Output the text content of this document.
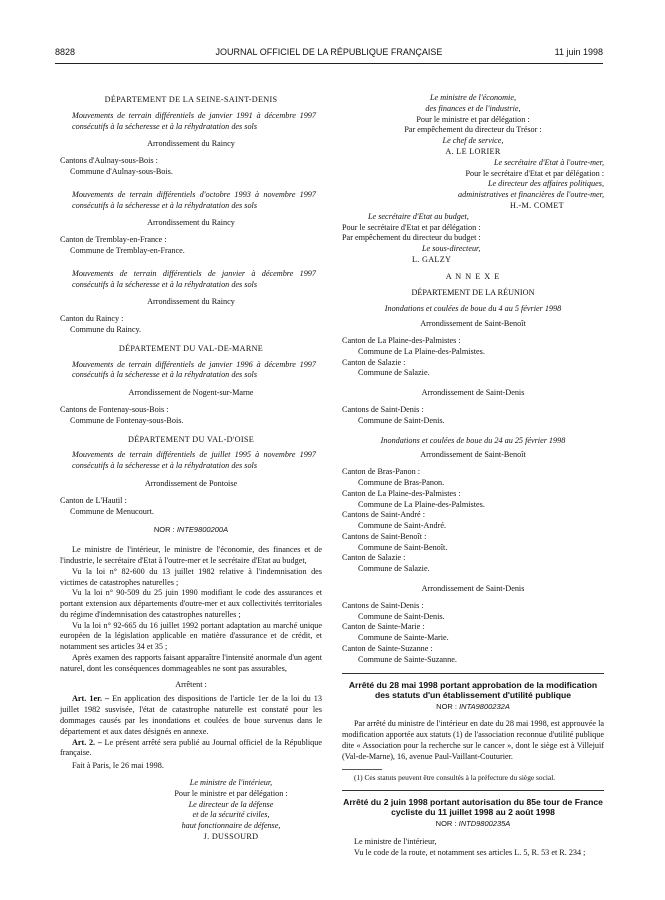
8828	JOURNAL OFFICIEL DE LA RÉPUBLIQUE FRANÇAISE	11 juin 1998
DÉPARTEMENT DE LA SEINE-SAINT-DENIS
Mouvements de terrain différentiels de janvier 1991 à décembre 1997 consécutifs à la sécheresse et à la réhydratation des sols
Arrondissement du Raincy
Cantons d'Aulnay-sous-Bois :
Commune d'Aulnay-sous-Bois.
Mouvements de terrain différentiels d'octobre 1993 à novembre 1997 consécutifs à la sécheresse et à la réhydratation des sols
Arrondissement du Raincy
Canton de Tremblay-en-France :
Commune de Tremblay-en-France.
Mouvements de terrain différentiels de janvier à décembre 1997 consécutifs à la sécheresse et à la réhydratation des sols
Arrondissement du Raincy
Canton du Raincy :
Commune du Raincy.
DÉPARTEMENT DU VAL-DE-MARNE
Mouvements de terrain différentiels de janvier 1996 à décembre 1997 consécutifs à la sécheresse et à la réhydratation des sols
Arrondissement de Nogent-sur-Marne
Cantons de Fontenay-sous-Bois :
Commune de Fontenay-sous-Bois.
DÉPARTEMENT DU VAL-D'OISE
Mouvements de terrain différentiels de juillet 1995 à novembre 1997 consécutifs à la sécheresse et à la réhydratation des sols
Arrondissement de Pontoise
Canton de L'Hautil :
Commune de Menucourt.
NOR : INTE9800200A
Le ministre de l'intérieur, le ministre de l'économie, des finances et de l'industrie, le secrétaire d'Etat à l'outre-mer et le secrétaire d'Etat au budget,
Vu la loi n° 82-600 du 13 juillet 1982 relative à l'indemnisation des victimes de catastrophes naturelles ;
Vu la loi n° 90-509 du 25 juin 1990 modifiant le code des assurances et portant extension aux départements d'outre-mer et aux collectivités territoriales du régime d'indemnisation des catastrophes naturelles ;
Vu la loi n° 92-665 du 16 juillet 1992 portant adaptation au marché unique européen de la législation applicable en matière d'assurance et de crédit, et notamment ses articles 34 et 35 ;
Après examen des rapports faisant apparaître l'intensité anormale d'un agent naturel, dont les conséquences dommageables ne sont pas assurables,
Arrêtent :
Art. 1er. – En application des dispositions de l'article 1er de la loi du 13 juillet 1982 susvisée, l'état de catastrophe naturelle est constaté pour les dommages causés par les inondations et coulées de boue survenus dans le département et aux dates désignés en annexe.
Art. 2. – Le présent arrêté sera publié au Journal officiel de la République française.
Fait à Paris, le 26 mai 1998.
Le ministre de l'intérieur,
Pour le ministre et par délégation :
Le directeur de la défense
et de la sécurité civiles,
haut fonctionnaire de défense,
J. DUSSOURD
Le ministre de l'économie,
des finances et de l'industrie,
Pour le ministre et par délégation :
Par empêchement du directeur du Trésor :
Le chef de service,
A. LE LORIER
Le secrétaire d'Etat à l'outre-mer,
Pour le secrétaire d'Etat et par délégation :
Le directeur des affaires politiques,
administratives et financières de l'outre-mer,
H.-M. COMET
Le secrétaire d'Etat au budget,
Pour le secrétaire d'Etat et par délégation :
Par empêchement du directeur du budget :
Le sous-directeur,
L. GALZY
A N N E X E
DÉPARTEMENT DE LA RÉUNION
Inondations et coulées de boue du 4 au 5 février 1998
Arrondissement de Saint-Benoît
Canton de La Plaine-des-Palmistes :
Commune de La Plaine-des-Palmistes.
Canton de Salazie :
Commune de Salazie.
Arrondissement de Saint-Denis
Cantons de Saint-Denis :
Commune de Saint-Denis.
Inondations et coulées de boue du 24 au 25 février 1998
Arrondissement de Saint-Benoît
Canton de Bras-Panon :
Commune de Bras-Panon.
Canton de La Plaine-des-Palmistes :
Commune de La Plaine-des-Palmistes.
Cantons de Saint-André :
Commune de Saint-André.
Cantons de Saint-Benoît :
Commune de Saint-Benoît.
Canton de Salazie :
Commune de Salazie.
Arrondissement de Saint-Denis
Cantons de Saint-Denis :
Commune de Saint-Denis.
Canton de Sainte-Marie :
Commune de Sainte-Marie.
Canton de Sainte-Suzanne :
Commune de Sainte-Suzanne.
Arrêté du 28 mai 1998 portant approbation de la modification des statuts d'un établissement d'utilité publique
NOR : INTA9800232A
Par arrêté du ministre de l'intérieur en date du 28 mai 1998, est approuvée la modification apportée aux statuts (1) de l'association reconnue d'utilité publique dite « Association pour la recherche sur le cancer », dont le siège est à Villejuif (Val-de-Marne), 16, avenue Paul-Vaillant-Couturier.
(1) Ces statuts peuvent être consultés à la préfecture du siège social.
Arrêté du 2 juin 1998 portant autorisation du 85e tour de France cycliste du 11 juillet 1998 au 2 août 1998
NOR : INTD9800235A
Le ministre de l'intérieur,
Vu le code de la route, et notamment ses articles L. 5, R. 53 et R. 234 ;
